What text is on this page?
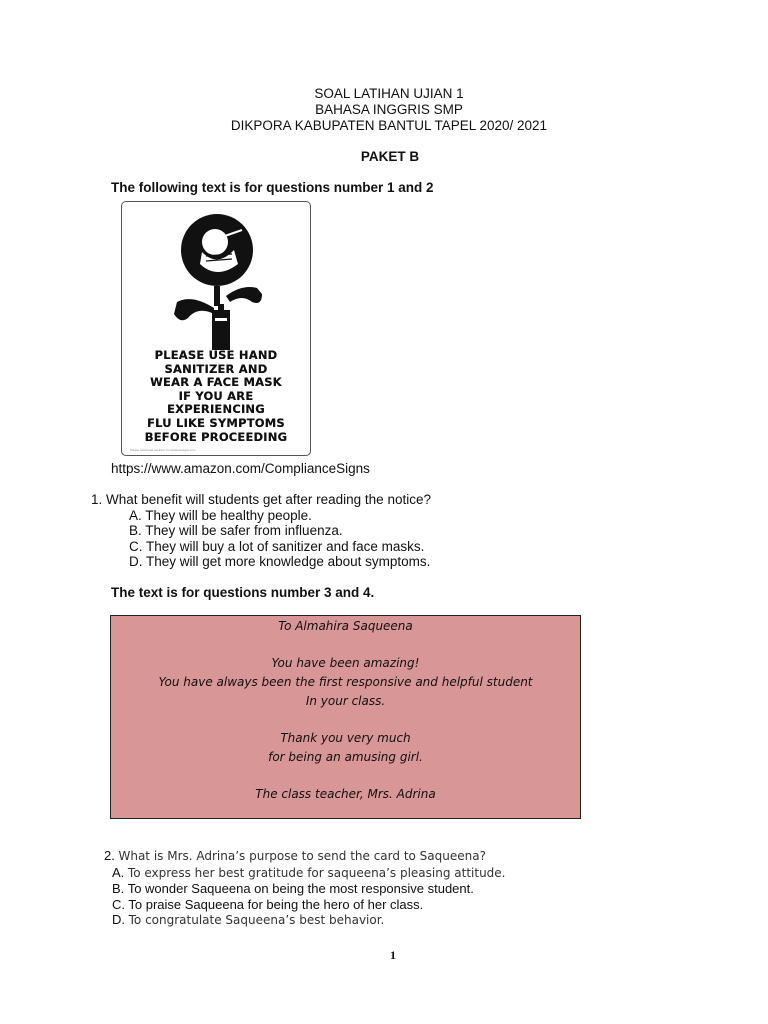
SOAL LATIHAN UJIAN 1
BAHASA INGGRIS SMP
DIKPORA KABUPATEN BANTUL TAPEL 2020/ 2021
PAKET B
The following text is for questions number 1 and 2
PLEASE USE HAND
SANITIZER AND
WEAR A FACE MASK
IF YOU ARE
EXPERIENCING
FLU LIKE SYMPTOMS
BEFORE PROCEEDING
Please hold hand sanitizer Compliancesigns.com
https://www.amazon.com/ComplianceSigns
1. What benefit will students get after reading the notice?
A. They will be healthy people.
B. They will be safer from influenza.
C. They will buy a lot of sanitizer and face masks.
D. They will get more knowledge about symptoms.
The text is for questions number 3 and 4.
To Almahira Saqueena
You have been amazing!
You have always been the first responsive and helpful student
In your class.
Thank you very much
for being an amusing girl.
The class teacher, Mrs. Adrina
2. What is Mrs. Adrina’s purpose to send the card to Saqueena?
A. To express her best gratitude for saqueena’s pleasing attitude.
B. To wonder Saqueena on being the most responsive student.
C. To praise Saqueena for being the hero of her class.
D. To congratulate Saqueena’s best behavior.
1
